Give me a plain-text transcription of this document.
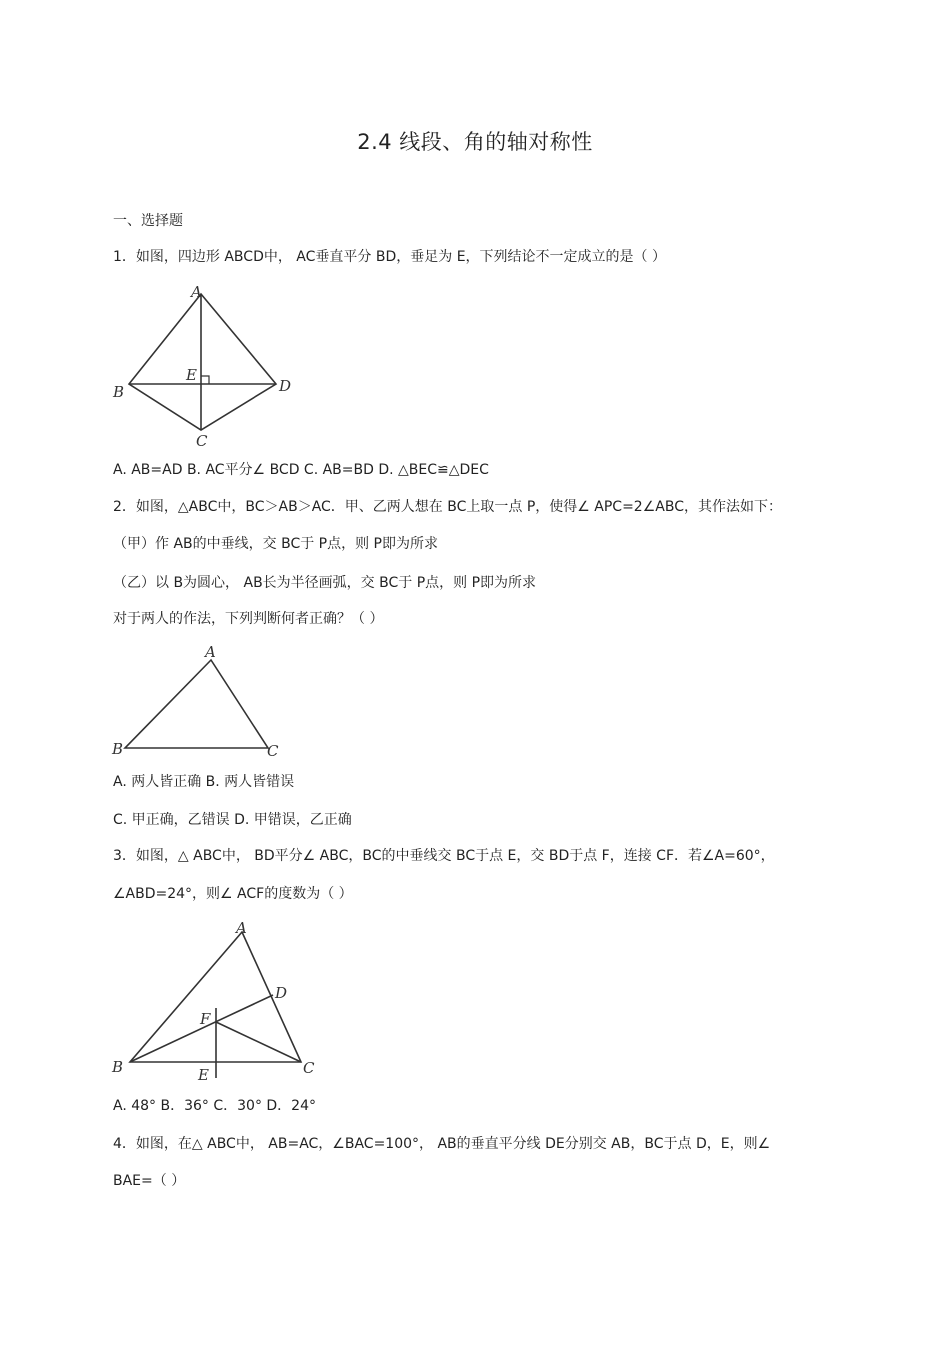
2.4 线段、角的轴对称性
一、选择题
1．如图，四边形 ABCD中， AC垂直平分 BD，垂足为 E，下列结论不一定成立的是（ ）
A
B
C
D
E
A. AB=AD B. AC平分∠ BCD C. AB=BD D. △BEC≌△DEC
2．如图，△ABC中，BC＞AB＞AC．甲、乙两人想在 BC上取一点 P，使得∠ APC=2∠ABC，其作法如下：
（甲）作 AB的中垂线，交 BC于 P点，则 P即为所求
（乙）以 B为圆心， AB长为半径画弧，交 BC于 P点，则 P即为所求
对于两人的作法，下列判断何者正确？（ ）
A
B	C
A. 两人皆正确 B. 两人皆错误
C. 甲正确，乙错误 D. 甲错误，乙正确
3．如图，△ ABC中， BD平分∠ ABC，BC的中垂线交 BC于点 E，交 BD于点 F，连接 CF．若∠A=60°，
∠ABD=24°，则∠ ACF的度数为（ ）
A
B	C
D
E
F
A. 48° B．36° C．30° D．24°
4．如图，在△ ABC中， AB=AC，∠BAC=100°， AB的垂直平分线 DE分别交 AB，BC于点 D，E，则∠
BAE=（ ）
